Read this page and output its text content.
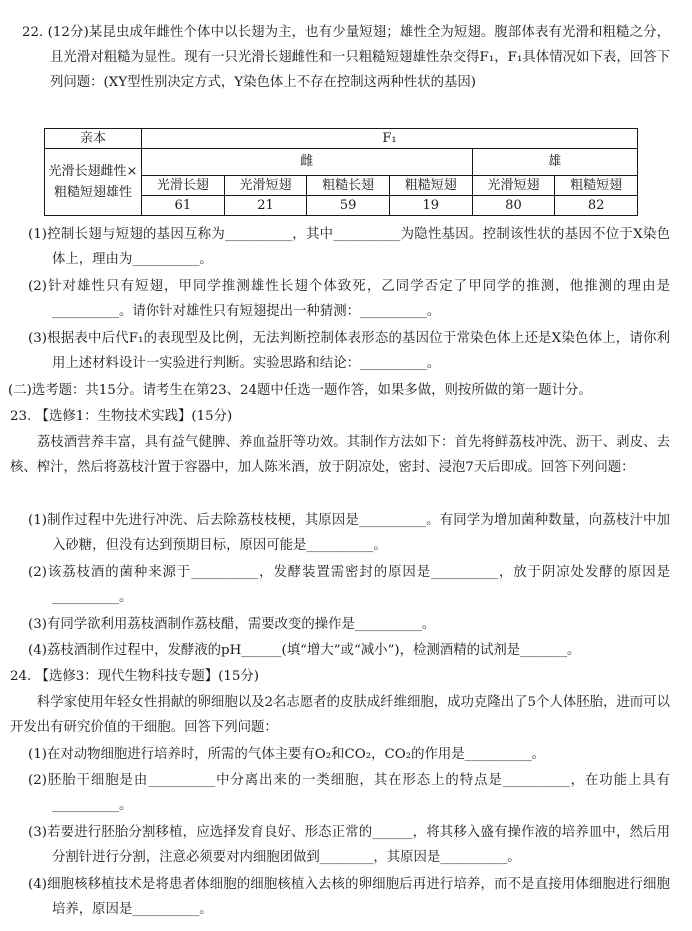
22. (12分)某昆虫成年雌性个体中以长翅为主，也有少量短翅；雄性全为短翅。腹部体表有光滑和粗糙之分，且光滑对粗糙为显性。现有一只光滑长翅雌性和一只粗糙短翅雄性杂交得F₁，F₁具体情况如下表，回答下列问题：(XY型性别决定方式，Y染色体上不存在控制这两种性状的基因)
亲本	F₁					
光滑长翅雌性×粗糙短翅雄性	雌				雄	
	光滑长翅	光滑短翅	粗糙长翅	粗糙短翅	光滑短翅	粗糙短翅
	61	21	59	19	80	82
(1)控制长翅与短翅的基因互称为__________，其中__________为隐性基因。控制该性状的基因不位于X染色体上，理由为__________。
(2)针对雄性只有短翅，甲同学推测雄性长翅个体致死，乙同学否定了甲同学的推测，他推测的理由是__________。请你针对雄性只有短翅提出一种猜测：__________。
(3)根据表中后代F₁的表现型及比例，无法判断控制体表形态的基因位于常染色体上还是X染色体上，请你利用上述材料设计一实验进行判断。实验思路和结论：__________。
(二)选考题：共15分。请考生在第23、24题中任选一题作答，如果多做，则按所做的第一题计分。
23. 【选修1：生物技术实践】(15分)
荔枝酒营养丰富，具有益气健脾、养血益肝等功效。其制作方法如下：首先将鲜荔枝冲洗、沥干、剥皮、去核、榨汁，然后将荔枝汁置于容器中，加人陈米酒，放于阴凉处，密封、浸泡7天后即成。回答下列问题：
(1)制作过程中先进行冲洗、后去除荔枝枝梗，其原因是__________。有同学为增加菌种数量，向荔枝汁中加入砂糖，但没有达到预期目标，原因可能是__________。
(2)该荔枝酒的菌种来源于__________，发酵装置需密封的原因是__________，放于阴凉处发酵的原因是__________。
(3)有同学欲利用荔枝酒制作荔枝醋，需要改变的操作是__________。
(4)荔枝酒制作过程中，发酵液的pH______(填“增大”或“减小”)，检测酒精的试剂是_______。
24. 【选修3：现代生物科技专题】(15分)
科学家使用年轻女性捐献的卵细胞以及2名志愿者的皮肤成纤维细胞，成功克隆出了5个人体胚胎，进而可以开发出有研究价值的干细胞。回答下列问题：
(1)在对动物细胞进行培养时，所需的气体主要有O₂和CO₂，CO₂的作用是__________。
(2)胚胎干细胞是由__________中分离出来的一类细胞，其在形态上的特点是__________，在功能上具有__________。
(3)若要进行胚胎分割移植，应选择发育良好、形态正常的______，将其移入盛有操作液的培养皿中，然后用分割针进行分割，注意必须要对内细胞团做到________，其原因是__________。
(4)细胞核移植技术是将患者体细胞的细胞核植入去核的卵细胞后再进行培养，而不是直接用体细胞进行细胞培养，原因是__________。
